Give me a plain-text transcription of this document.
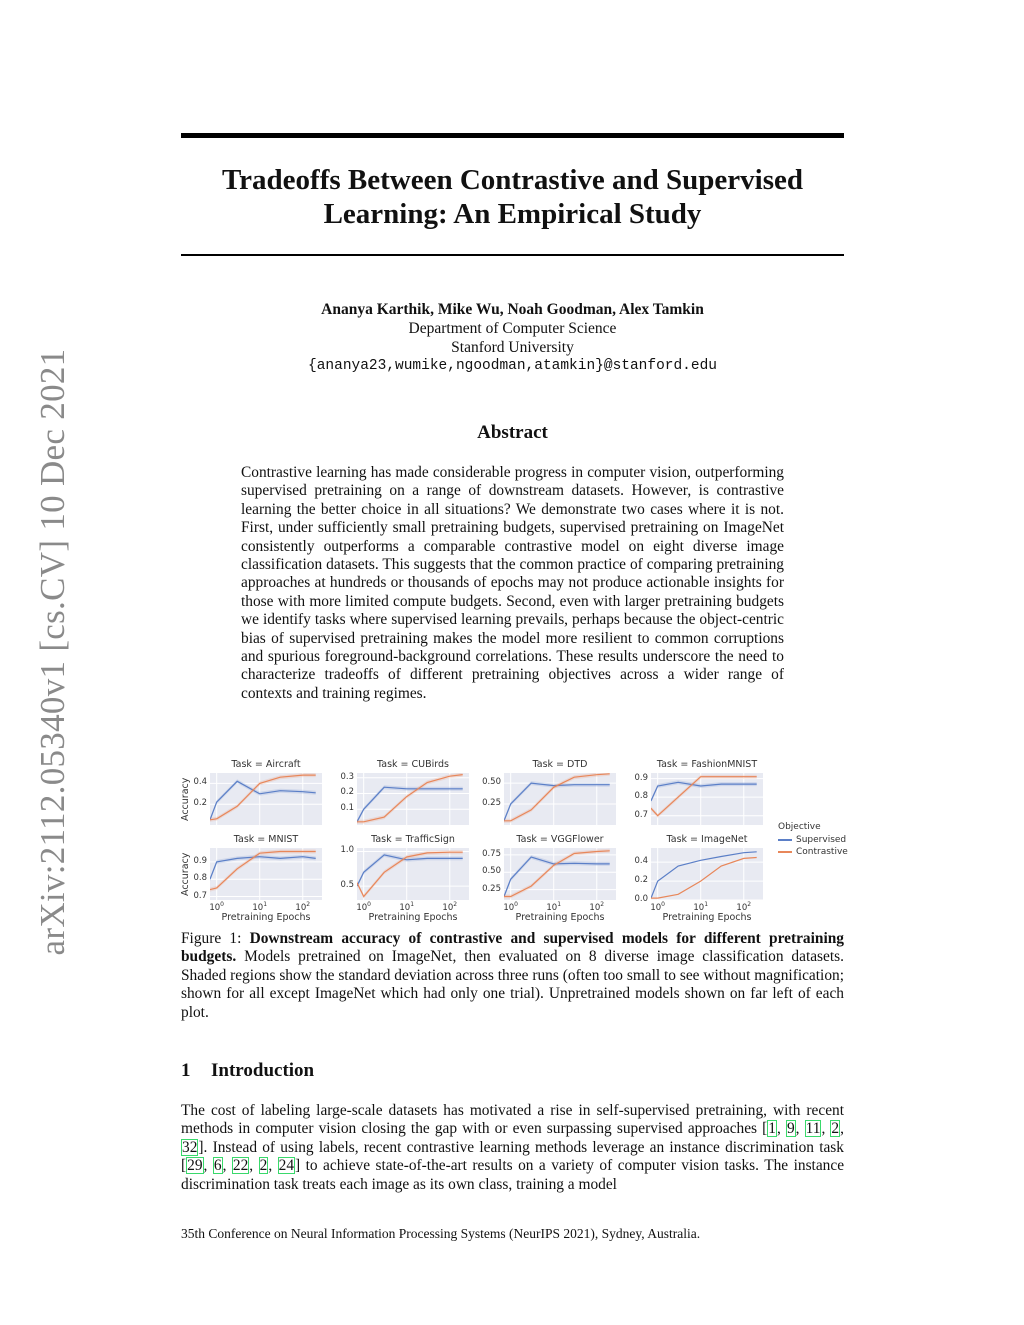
arXiv:2112.05340v1 [cs.CV] 10 Dec 2021
Tradeoffs Between Contrastive and Supervised
Learning: An Empirical Study
Ananya Karthik, Mike Wu, Noah Goodman, Alex Tamkin
Department of Computer Science
Stanford University
{ananya23,wumike,ngoodman,atamkin}@stanford.edu
Abstract
Contrastive learning has made considerable progress in computer vision, outperforming supervised pretraining on a range of downstream datasets. However, is contrastive learning the better choice in all situations? We demonstrate two cases where it is not. First, under sufficiently small pretraining budgets, supervised pretraining on ImageNet consistently outperforms a comparable contrastive model on eight diverse image classification datasets. This suggests that the common practice of comparing pretraining approaches at hundreds or thousands of epochs may not produce actionable insights for those with more limited compute budgets. Second, even with larger pretraining budgets we identify tasks where supervised learning prevails, perhaps because the object-centric bias of supervised pretraining makes the model more resilient to common corruptions and spurious foreground-background correlations. These results underscore the need to characterize tradeoffs of different pretraining objectives across a wider range of contexts and training regimes.
Task = Aircraft
0.2
0.4
Accuracy
Task = CUBirds
0.1
0.2
0.3
Task = DTD
0.25
0.50
Task = FashionMNIST
0.7
0.8
0.9
Task = MNIST
0.7
0.8
0.9
$10^0$	$10^1$	$10^2$
Pretraining Epochs
Accuracy
Task = TrafficSign
0.5
1.0
$10^0$	$10^1$	$10^2$
Pretraining Epochs
Task = VGGFlower
0.25
0.50
0.75
$10^0$	$10^1$	$10^2$
Pretraining Epochs
Task = ImageNet
0.0
0.2
0.4
$10^0$	$10^1$	$10^2$
Pretraining Epochs
Objective
Supervised
Contrastive
Figure 1: Downstream accuracy of contrastive and supervised models for different pretraining budgets. Models pretrained on ImageNet, then evaluated on 8 diverse image classification datasets. Shaded regions show the standard deviation across three runs (often too small to see without magnification; shown for all except ImageNet which had only one trial). Unpretrained models shown on far left of each plot.
1 Introduction
The cost of labeling large-scale datasets has motivated a rise in self-supervised pretraining, with recent methods in computer vision closing the gap with or even surpassing supervised approaches [1, 9, 11, 2, 32]. Instead of using labels, recent contrastive learning methods leverage an instance discrimination task [29, 6, 22, 2, 24] to achieve state-of-the-art results on a variety of computer vision tasks. The instance discrimination task treats each image as its own class, training a model
35th Conference on Neural Information Processing Systems (NeurIPS 2021), Sydney, Australia.
